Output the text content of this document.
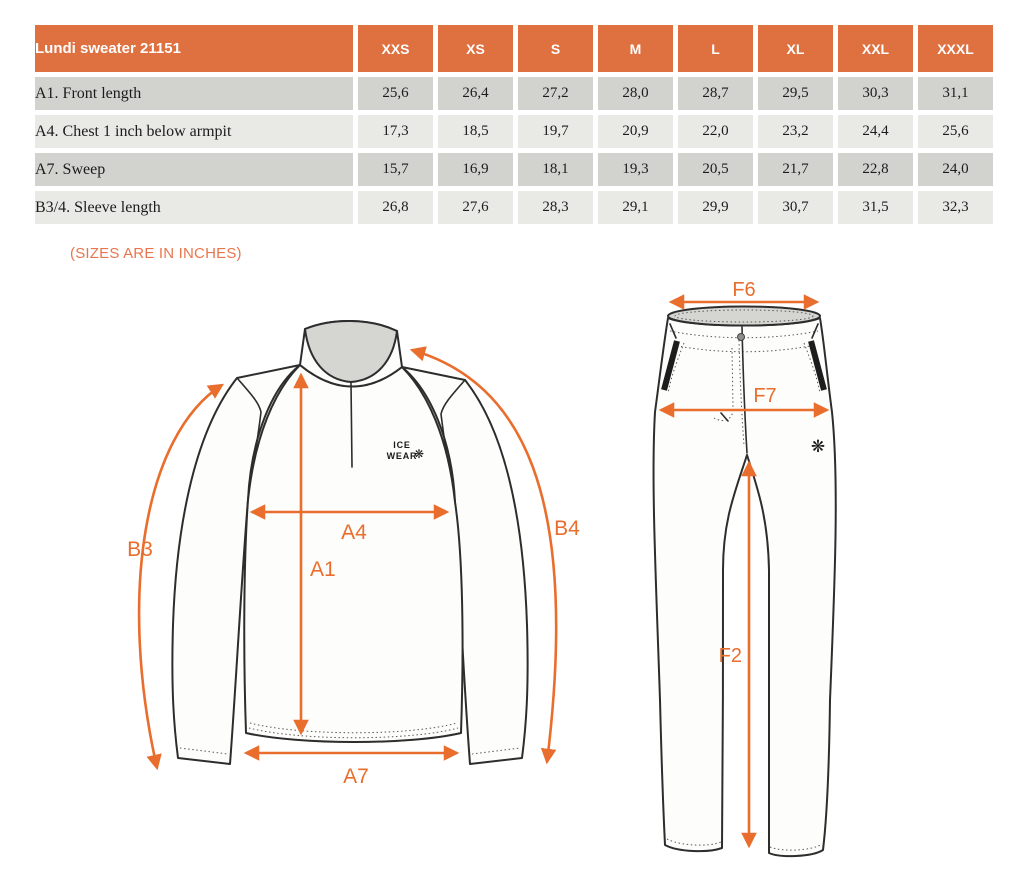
Lundi sweater 21151	XXS	XS	S	M	L	XL	XXL	XXXL
A1. Front length	25,6	26,4	27,2	28,0	28,7	29,5	30,3	31,1
A4. Chest 1 inch below armpit	17,3	18,5	19,7	20,9	22,0	23,2	24,4	25,6
A7. Sweep	15,7	16,9	18,1	19,3	20,5	21,7	22,8	24,0
B3/4. Sleeve length	26,8	27,6	28,3	29,1	29,9	30,7	31,5	32,3
(SIZES ARE IN INCHES)
ICE
WEAR
❋
A4
A1
A7
B3
B4
❋
F6
F7
F2
